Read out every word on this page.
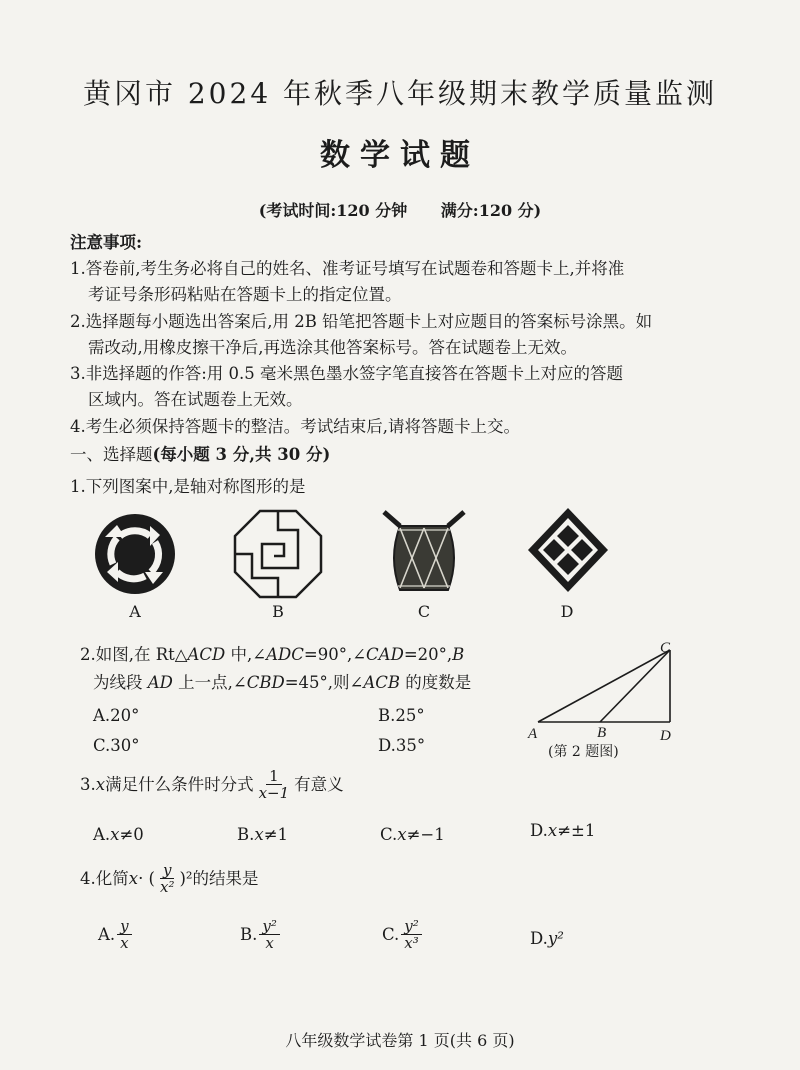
黄冈市 2024 年秋季八年级期末教学质量监测
数学试题
(考试时间:120 分钟 满分:120 分)
注意事项:
1.答卷前,考生务必将自己的姓名、准考证号填写在试题卷和答题卡上,并将准
考证号条形码粘贴在答题卡上的指定位置。
2.选择题每小题选出答案后,用 2B 铅笔把答题卡上对应题目的答案标号涂黑。如
需改动,用橡皮擦干净后,再选涂其他答案标号。答在试题卷上无效。
3.非选择题的作答:用 0.5 毫米黑色墨水签字笔直接答在答题卡上对应的答题
区域内。答在试题卷上无效。
4.考生必须保持答题卡的整洁。考试结束后,请将答题卡上交。
一、选择题(每小题 3 分,共 30 分)
1.下列图案中,是轴对称图形的是
A	B	C	D
2.如图,在 Rt△ACD 中,∠ADC=90°,∠CAD=20°,B
为线段 AD 上一点,∠CBD=45°,则∠ACB 的度数是
A.20°	B.25°
C.30°	D.35°
A	B
C
D
(第 2 题图)
3. x 满足什么条件时分式 $\frac{1}{x-1}$ 有意义
A.x≠0	B.x≠1	C.x≠−1	D.x≠±1
4.化简 x · ( $\frac{y}{\text{x²}} )^2$ 的结果是
A. $\frac{y}{x}$	B. $\frac{\text{y²}}{x}$	C. $\frac{\text{y²}}{\text{x³}}$	D.y²
八年级数学试卷第 1 页(共 6 页)
